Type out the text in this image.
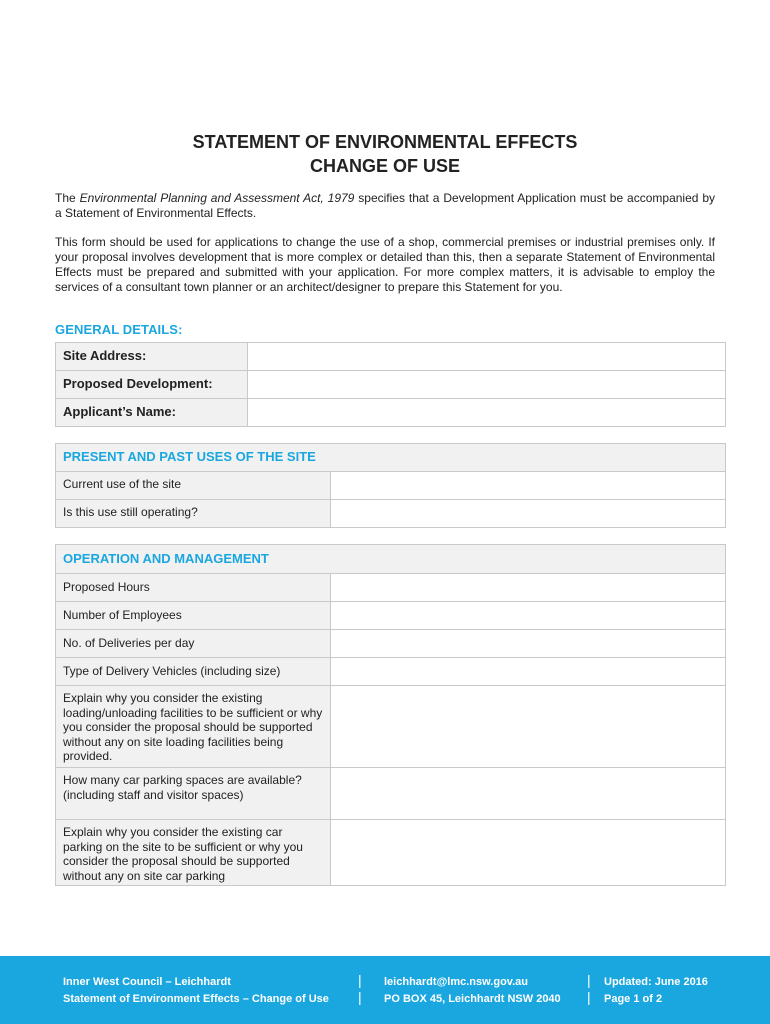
STATEMENT OF ENVIRONMENTAL EFFECTS
CHANGE OF USE
The Environmental Planning and Assessment Act, 1979 specifies that a Development Application must be accompanied by a Statement of Environmental Effects.
This form should be used for applications to change the use of a shop, commercial premises or industrial premises only. If your proposal involves development that is more complex or detailed than this, then a separate Statement of Environmental Effects must be prepared and submitted with your application. For more complex matters, it is advisable to employ the services of a consultant town planner or an architect/designer to prepare this Statement for you.
GENERAL DETAILS:
Site Address:	
Proposed Development:	
Applicant’s Name:	
PRESENT AND PAST USES OF THE SITE	
Current use of the site	
Is this use still operating?	
OPERATION AND MANAGEMENT	
Proposed Hours	
Number of Employees	
No. of Deliveries per day	
Type of Delivery Vehicles (including size)	
Explain why you consider the existing loading/unloading facilities to be sufficient or why you consider the proposal should be supported without any on site loading facilities being provided.	
How many car parking spaces are available? (including staff and visitor spaces)	
Explain why you consider the existing car parking on the site to be sufficient or why you consider the proposal should be supported without any on site car parking	
Inner West Council – Leichhardt
Statement of Environment Effects – Change of Use
|
|
leichhardt@lmc.nsw.gov.au
PO BOX 45, Leichhardt NSW 2040
|
|
Updated: June 2016
Page 1 of 2
